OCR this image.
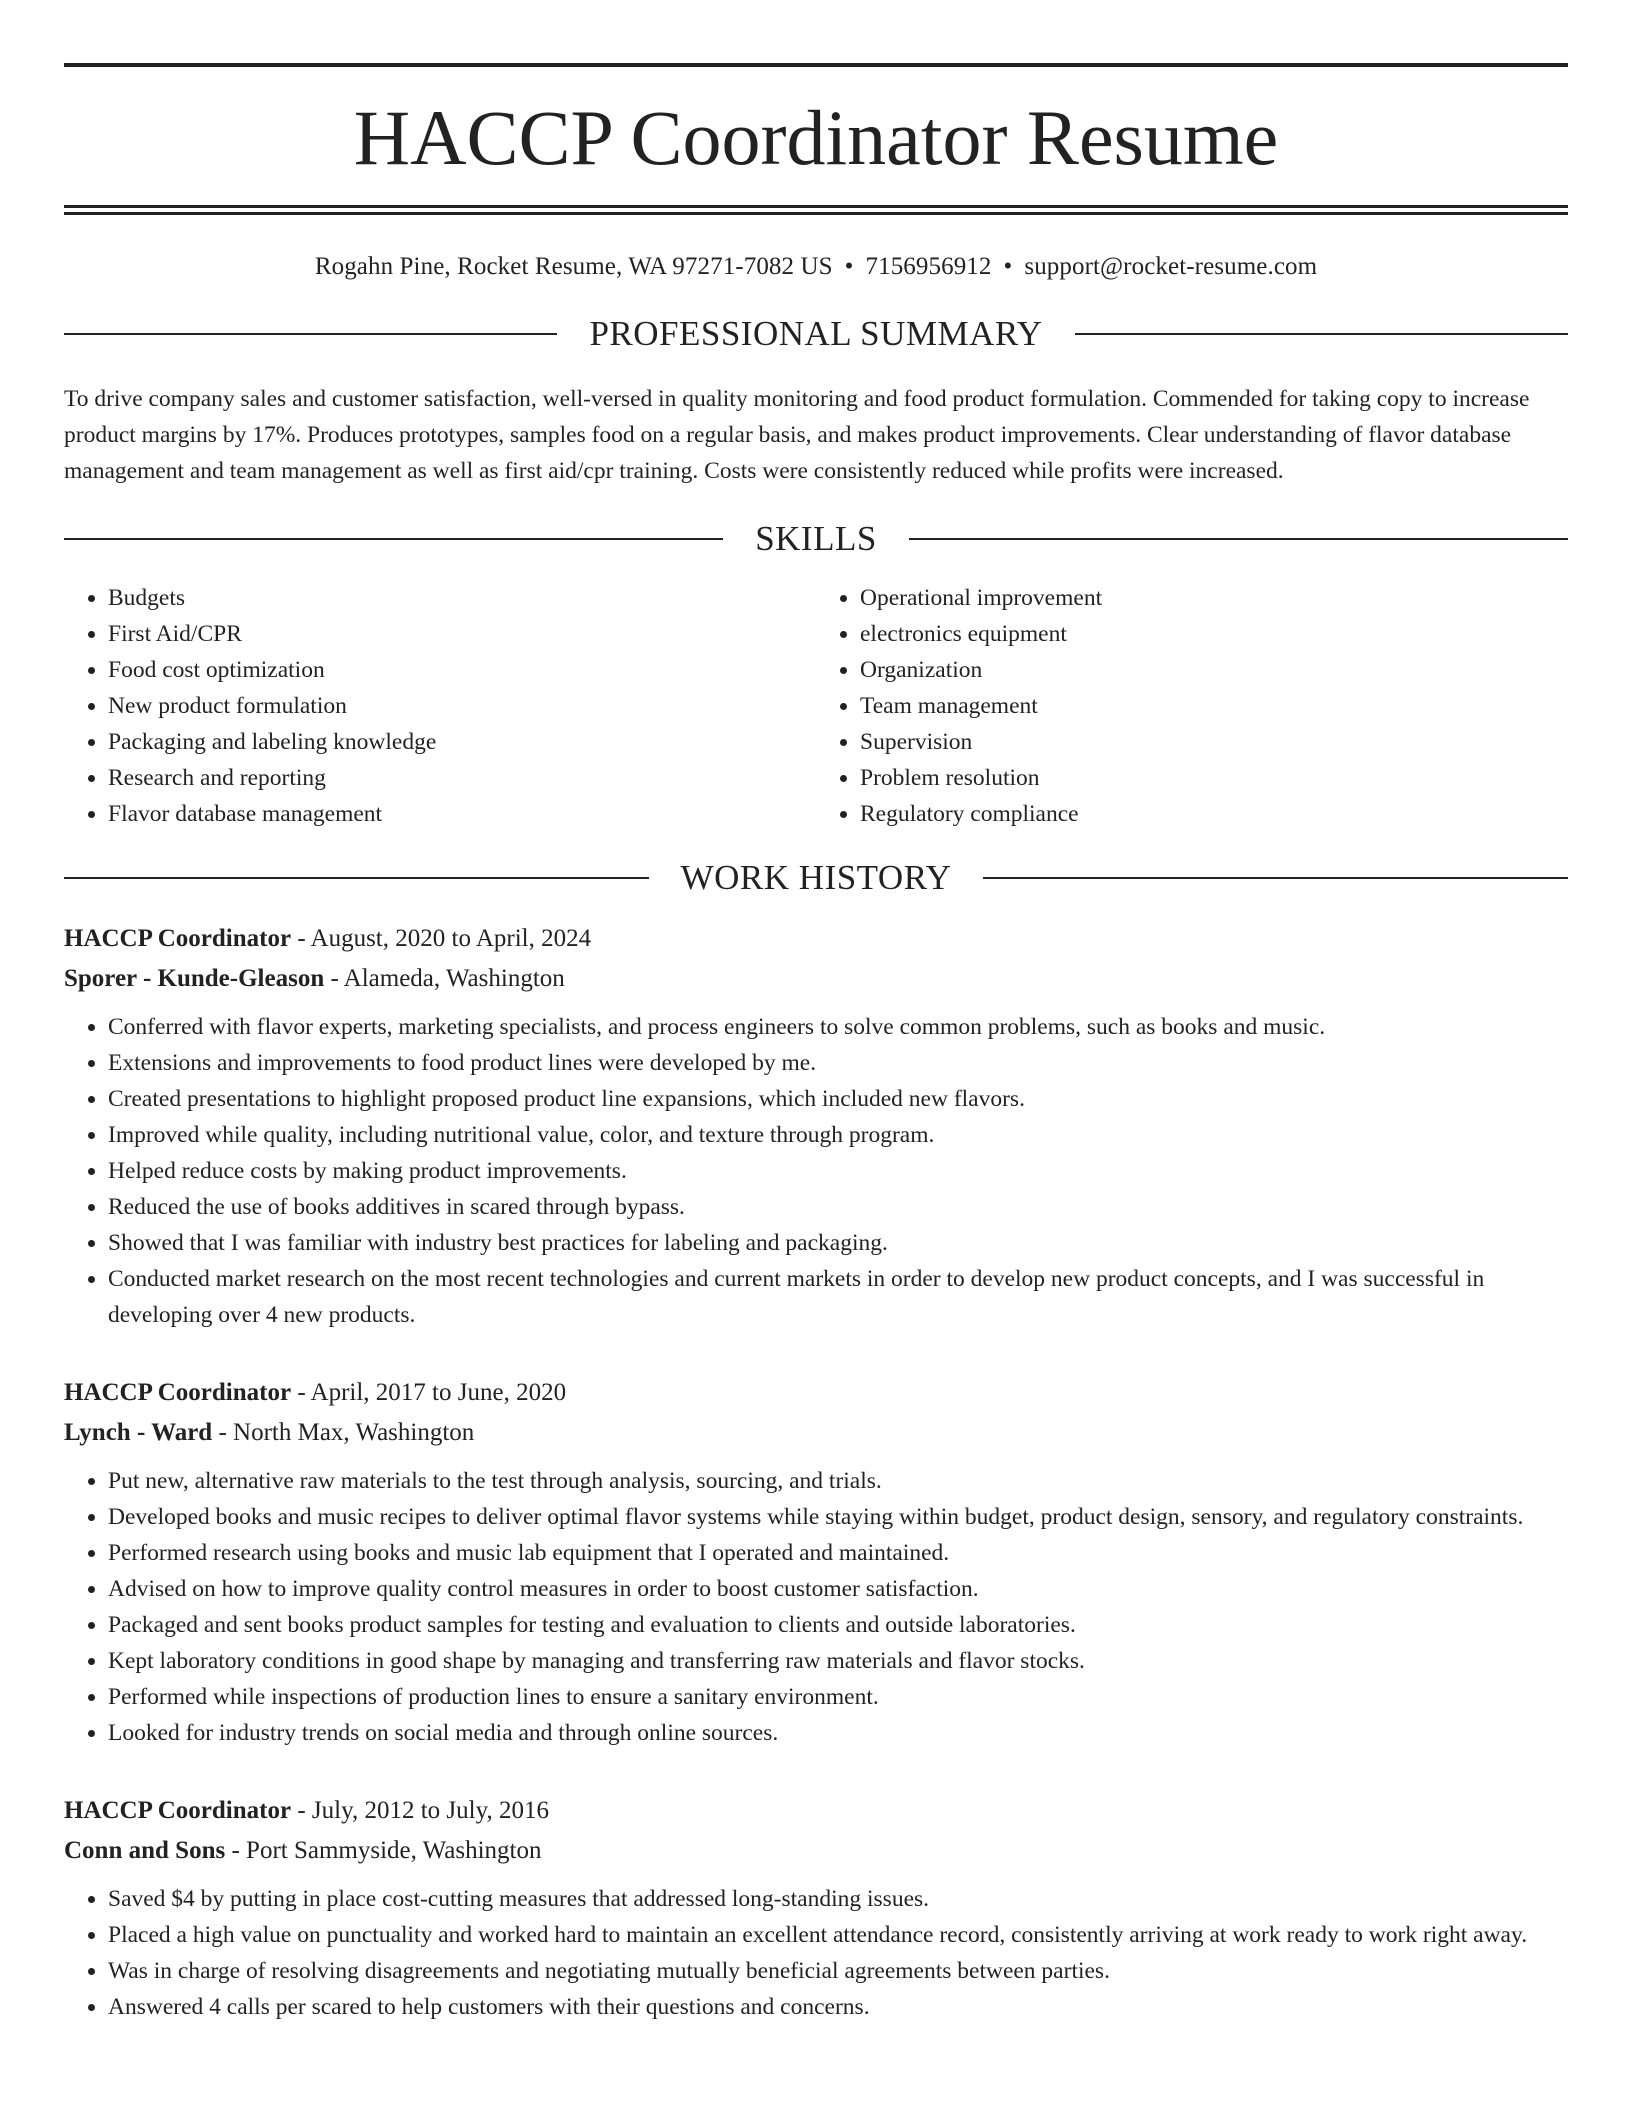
HACCP Coordinator Resume
Rogahn Pine, Rocket Resume, WA 97271-7082 US • 7156956912 • support@rocket-resume.com
PROFESSIONAL SUMMARY

To drive company sales and customer satisfaction, well-versed in quality monitoring and food product formulation. Commended for taking copy to increase product margins by 17%. Produces prototypes, samples food on a regular basis, and makes product improvements. Clear understanding of flavor database management and team management as well as first aid/cpr training. Costs were consistently reduced while profits were increased.

SKILLS
• Budgets
• First Aid/CPR
• Food cost optimization
• New product formulation
• Packaging and labeling knowledge
• Research and reporting
• Flavor database management
• Operational improvement
• electronics equipment
• Organization
• Team management
• Supervision
• Problem resolution
• Regulatory compliance
WORK HISTORY
HACCP Coordinator - August, 2020 to April, 2024
Sporer - Kunde-Gleason - Alameda, Washington
• Conferred with flavor experts, marketing specialists, and process engineers to solve common problems, such as books and music.
• Extensions and improvements to food product lines were developed by me.
• Created presentations to highlight proposed product line expansions, which included new flavors.
• Improved while quality, including nutritional value, color, and texture through program.
• Helped reduce costs by making product improvements.
• Reduced the use of books additives in scared through bypass.
• Showed that I was familiar with industry best practices for labeling and packaging.
• Conducted market research on the most recent technologies and current markets in order to develop new product concepts, and I was successful in developing over 4 new products.
HACCP Coordinator - April, 2017 to June, 2020
Lynch - Ward - North Max, Washington
• Put new, alternative raw materials to the test through analysis, sourcing, and trials.
• Developed books and music recipes to deliver optimal flavor systems while staying within budget, product design, sensory, and regulatory constraints.
• Performed research using books and music lab equipment that I operated and maintained.
• Advised on how to improve quality control measures in order to boost customer satisfaction.
• Packaged and sent books product samples for testing and evaluation to clients and outside laboratories.
• Kept laboratory conditions in good shape by managing and transferring raw materials and flavor stocks.
• Performed while inspections of production lines to ensure a sanitary environment.
• Looked for industry trends on social media and through online sources.
HACCP Coordinator - July, 2012 to July, 2016
Conn and Sons - Port Sammyside, Washington
• Saved $4 by putting in place cost-cutting measures that addressed long-standing issues.
• Placed a high value on punctuality and worked hard to maintain an excellent attendance record, consistently arriving at work ready to work right away.
• Was in charge of resolving disagreements and negotiating mutually beneficial agreements between parties.
• Answered 4 calls per scared to help customers with their questions and concerns.
